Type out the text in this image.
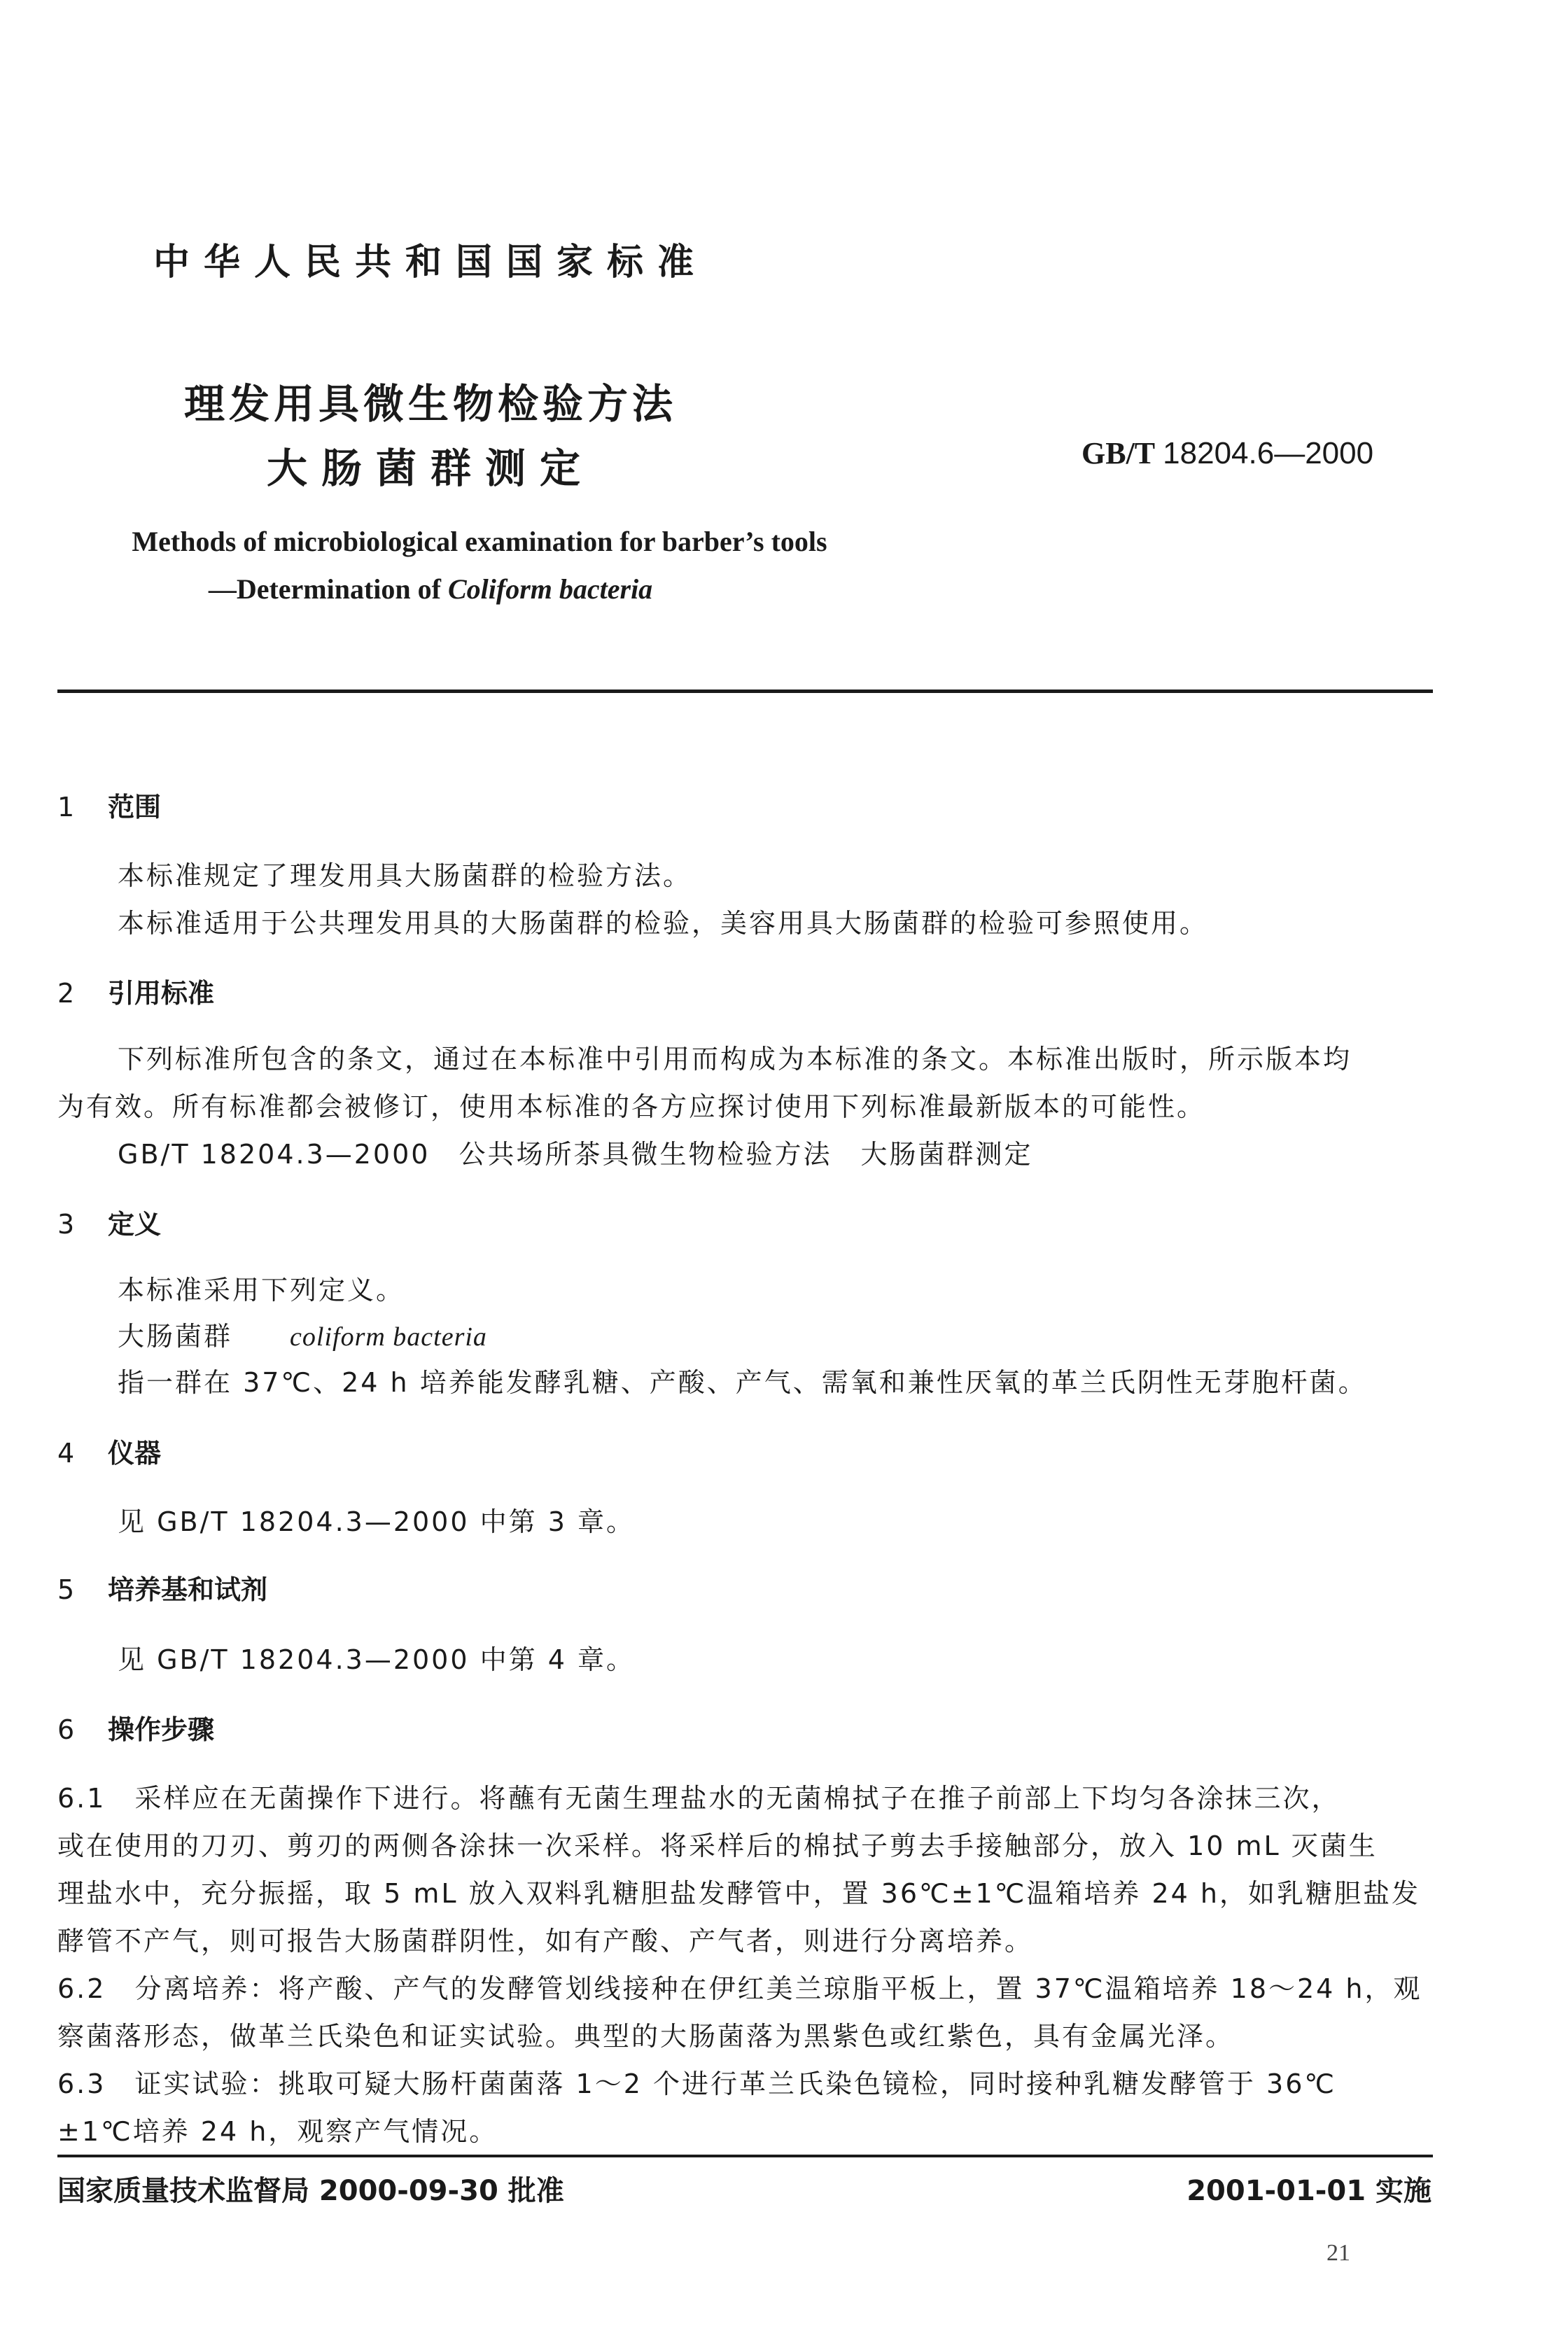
中华人民共和国国家标准
理发用具微生物检验方法
大肠菌群测定	GB/T 18204.6—2000
Methods of microbiological examination for barber’s tools
—Determination of Coliform bacteria
1 范围
本标准规定了理发用具大肠菌群的检验方法。
本标准适用于公共理发用具的大肠菌群的检验，美容用具大肠菌群的检验可参照使用。
2 引用标准
下列标准所包含的条文，通过在本标准中引用而构成为本标准的条文。本标准出版时，所示版本均
为有效。所有标准都会被修订，使用本标准的各方应探讨使用下列标准最新版本的可能性。
GB/T 18204.3—2000　公共场所茶具微生物检验方法　大肠菌群测定
3 定义
本标准采用下列定义。
大肠菌群　　 coliform bacteria
指一群在 37℃、24 h 培养能发酵乳糖、产酸、产气、需氧和兼性厌氧的革兰氏阴性无芽胞杆菌。
4 仪器
见 GB/T 18204.3—2000 中第 3 章。
5 培养基和试剂
见 GB/T 18204.3—2000 中第 4 章。
6 操作步骤
6.1　 采样应在无菌操作下进行。将蘸有无菌生理盐水的无菌棉拭子在推子前部上下均匀各涂抹三次，
或在使用的刀刃、剪刃的两侧各涂抹一次采样。将采样后的棉拭子剪去手接触部分，放入 10 mL 灭菌生
理盐水中，充分振摇，取 5 mL 放入双料乳糖胆盐发酵管中，置 36℃±1℃温箱培养 24 h，如乳糖胆盐发
酵管不产气，则可报告大肠菌群阴性，如有产酸、产气者，则进行分离培养。
6.2　 分离培养：将产酸、产气的发酵管划线接种在伊红美兰琼脂平板上，置 37℃温箱培养 18～24 h，观
察菌落形态，做革兰氏染色和证实试验。典型的大肠菌落为黑紫色或红紫色，具有金属光泽。
6.3　 证实试验：挑取可疑大肠杆菌菌落 1～2 个进行革兰氏染色镜检，同时接种乳糖发酵管于 36℃
±1℃培养 24 h，观察产气情况。
国家质量技术监督局 2000-09-30 批准	2001-01-01 实施
21
